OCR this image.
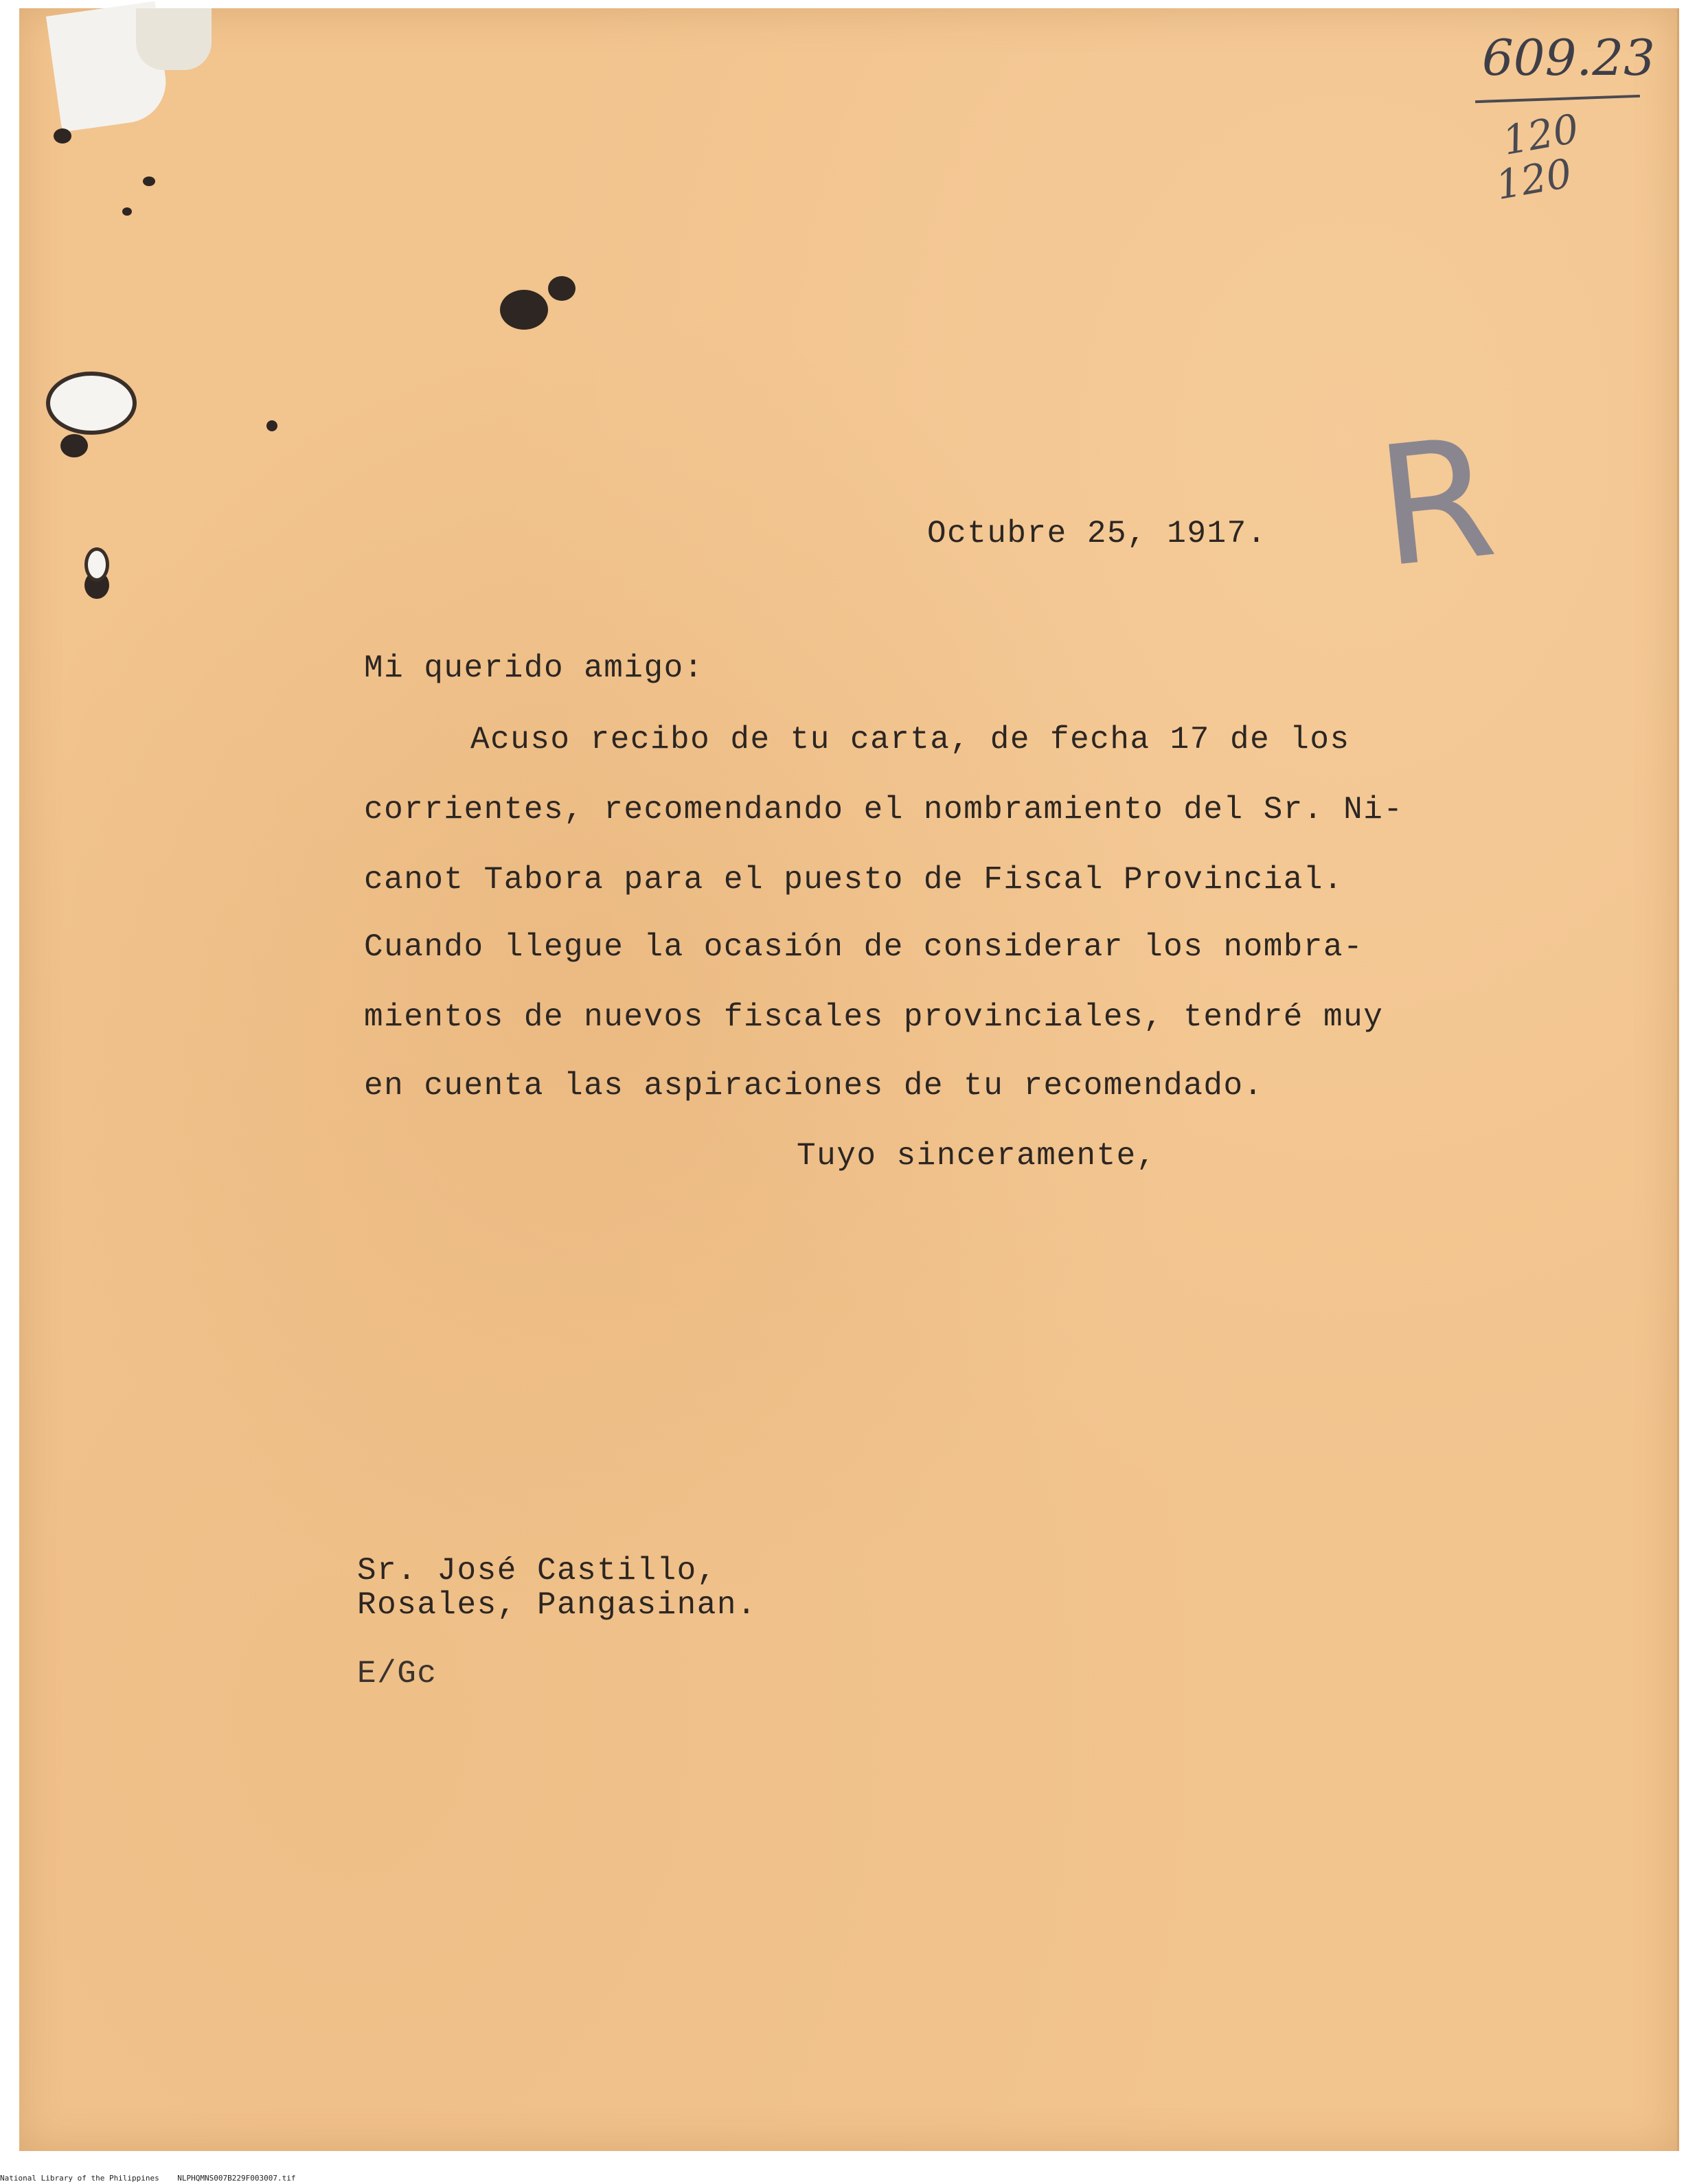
609.23
120
120
R
Octubre 25, 1917.
Mi querido amigo:
Acuso recibo de tu carta, de fecha 17 de los
corrientes, recomendando el nombramiento del Sr. Ni-
canot Tabora para el puesto de Fiscal Provincial.
Cuando llegue la ocasión de considerar los nombra-
mientos de nuevos fiscales provinciales, tendré muy
en cuenta las aspiraciones de tu recomendado.
Tuyo sinceramente,
Sr. José Castillo,
Rosales, Pangasinan.
E/Gc
National Library of the Philippines NLPHQMNS007B229F003007.tif
